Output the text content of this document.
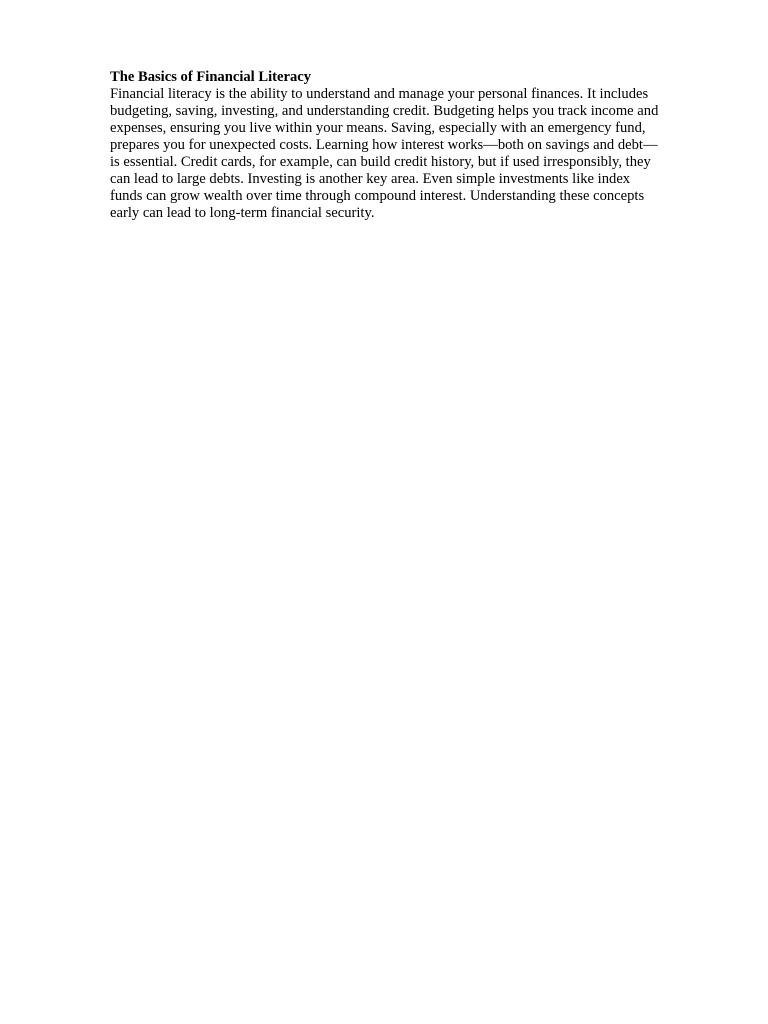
The Basics of Financial Literacy
Financial literacy is the ability to understand and manage your personal finances. It includes
budgeting, saving, investing, and understanding credit. Budgeting helps you track income and
expenses, ensuring you live within your means. Saving, especially with an emergency fund,
prepares you for unexpected costs. Learning how interest works—both on savings and debt—
is essential. Credit cards, for example, can build credit history, but if used irresponsibly, they
can lead to large debts. Investing is another key area. Even simple investments like index
funds can grow wealth over time through compound interest. Understanding these concepts
early can lead to long-term financial security.
